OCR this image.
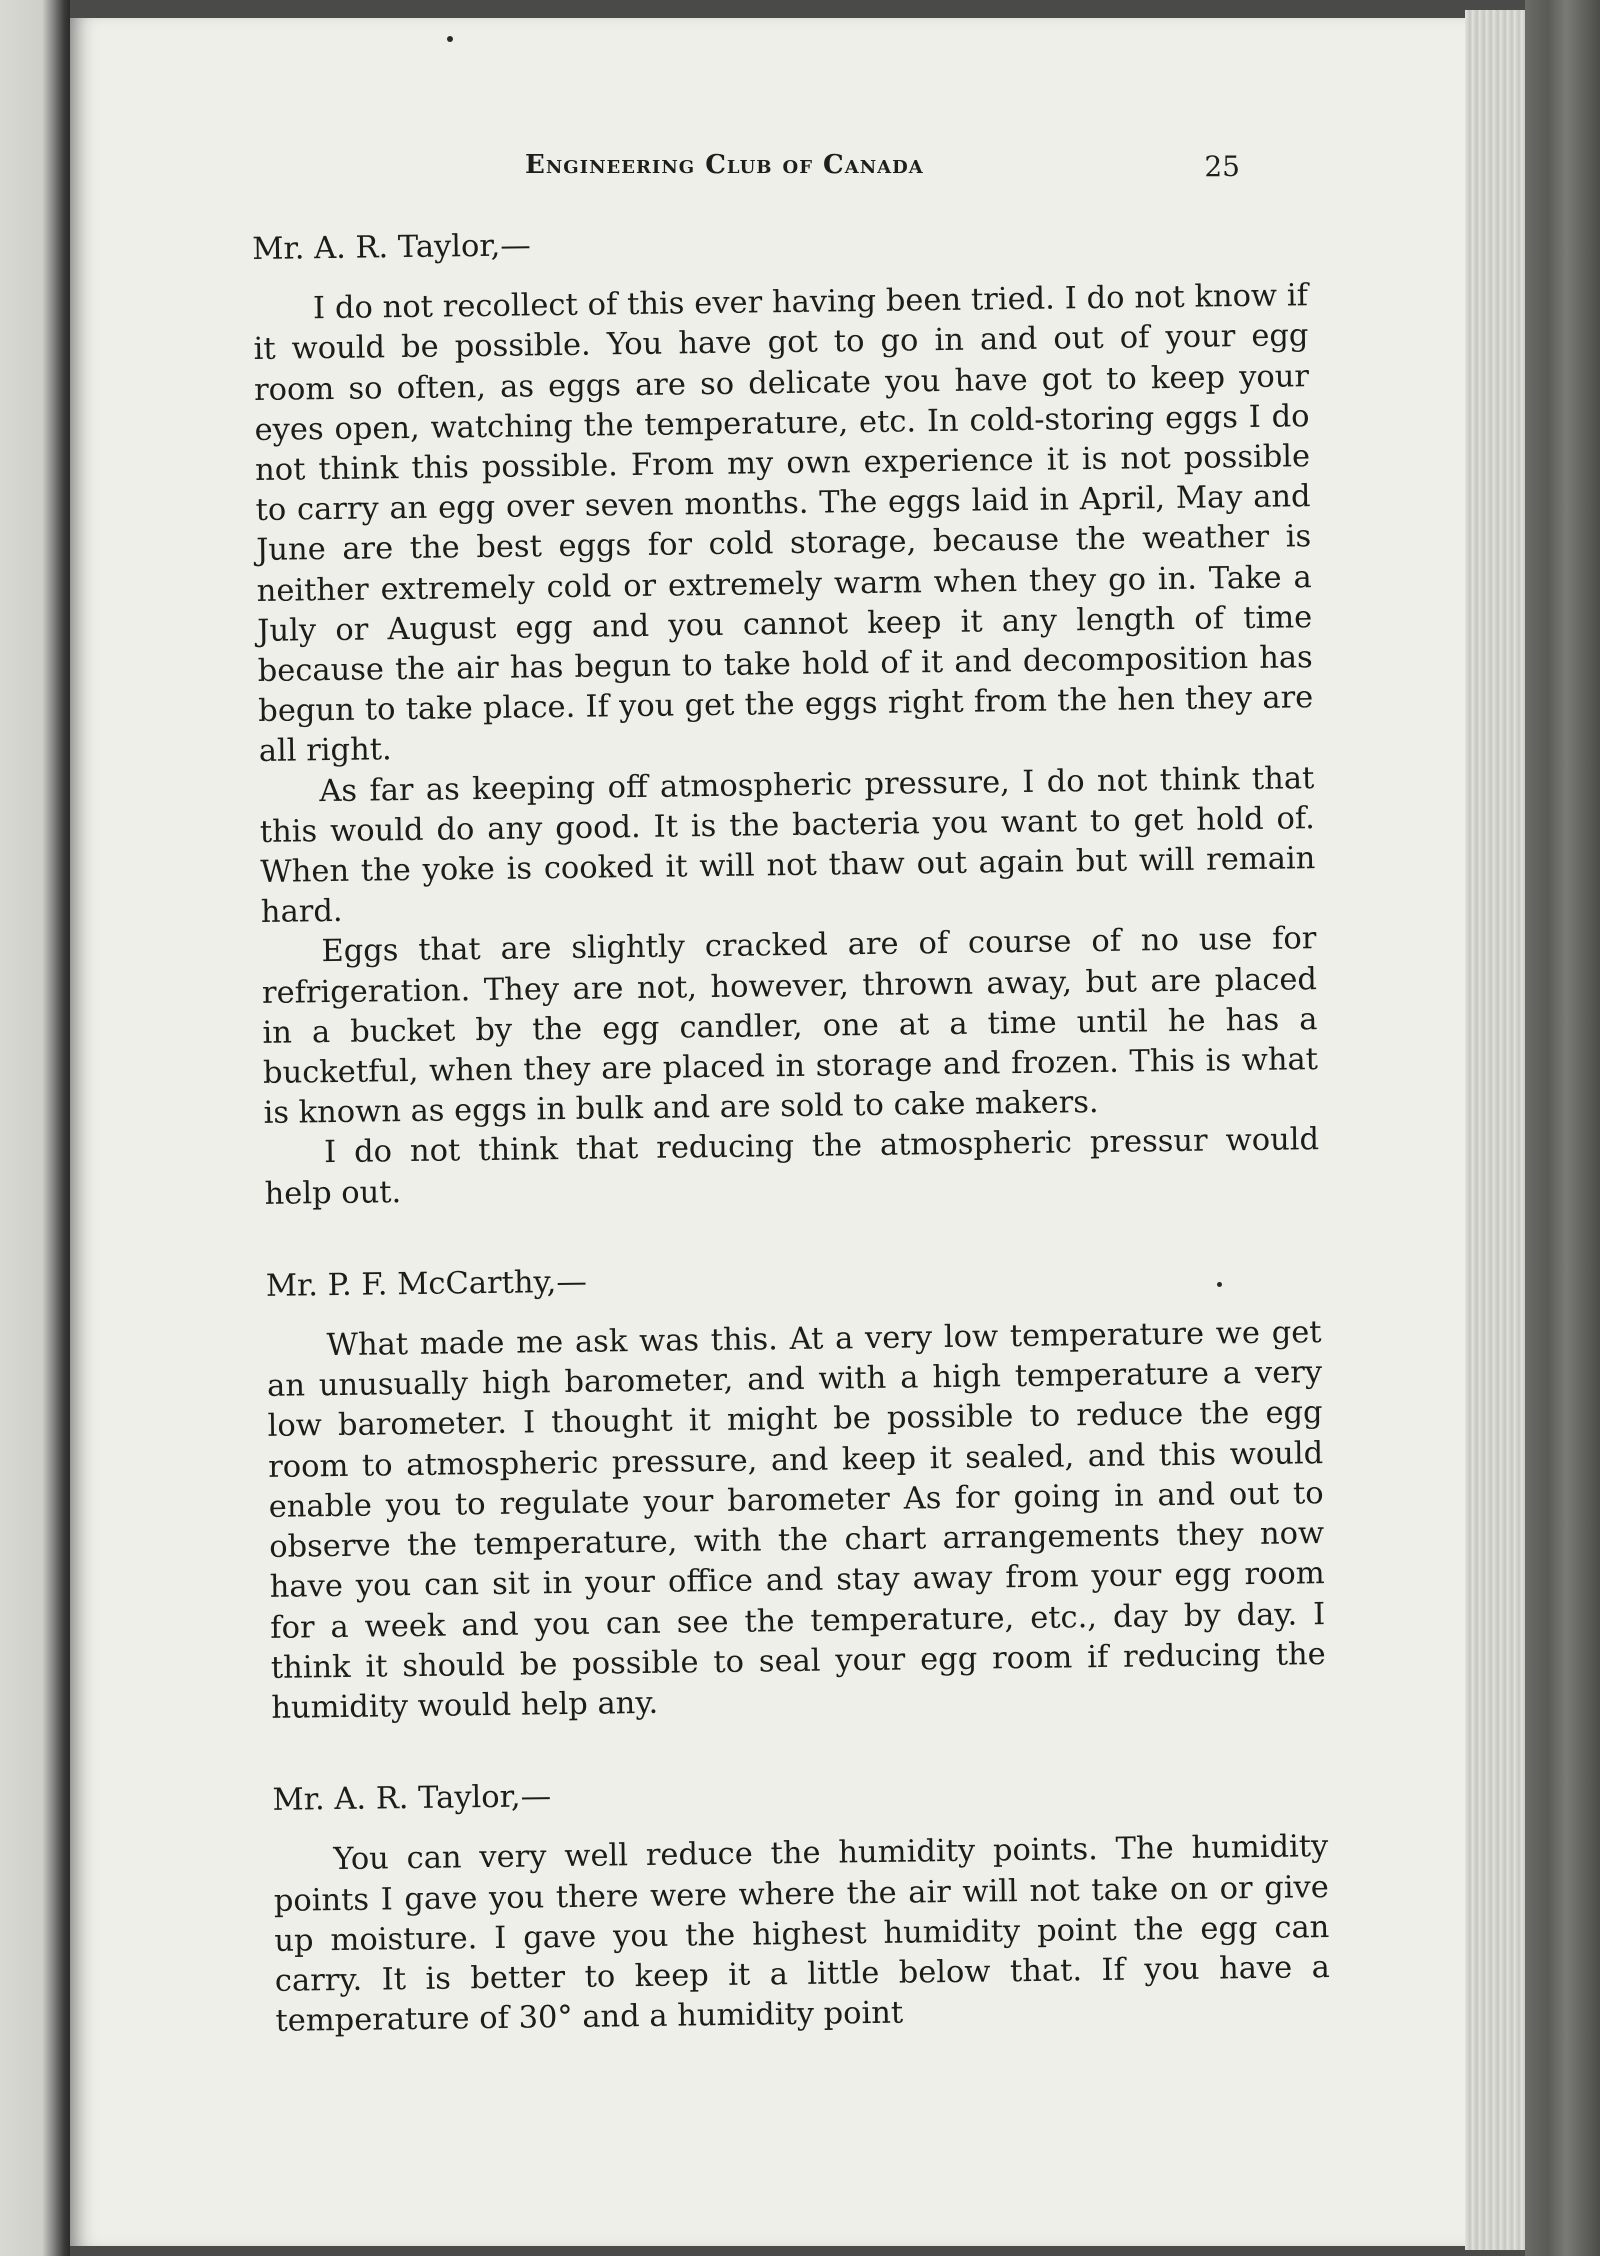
Engineering Club of Canada	25

Mr. A. R. Taylor,—

I do not recollect of this ever having been tried. I do not know if it would be possible. You have got to go in and out of your egg room so often, as eggs are so delicate you have got to keep your eyes open, watching the temperature, etc. In cold-storing eggs I do not think this possible. From my own experience it is not possible to carry an egg over seven months. The eggs laid in April, May and June are the best eggs for cold storage, because the weather is neither extremely cold or extremely warm when they go in. Take a July or August egg and you cannot keep it any length of time because the air has begun to take hold of it and decomposition has begun to take place. If you get the eggs right from the hen they are all right.

As far as keeping off atmospheric pressure, I do not think that this would do any good. It is the bacteria you want to get hold of. When the yoke is cooked it will not thaw out again but will remain hard.

Eggs that are slightly cracked are of course of no use for refrigeration. They are not, however, thrown away, but are placed in a bucket by the egg candler, one at a time until he has a bucketful, when they are placed in storage and frozen. This is what is known as eggs in bulk and are sold to cake makers.

I do not think that reducing the atmospheric pressur would help out.

Mr. P. F. McCarthy,—

What made me ask was this. At a very low temperature we get an unusually high barometer, and with a high temperature a very low barometer. I thought it might be possible to reduce the egg room to atmospheric pressure, and keep it sealed, and this would enable you to regulate your barometer As for going in and out to observe the temperature, with the chart arrangements they now have you can sit in your office and stay away from your egg room for a week and you can see the temperature, etc., day by day. I think it should be possible to seal your egg room if reducing the humidity would help any.

Mr. A. R. Taylor,—

You can very well reduce the humidity points. The humidity points I gave you there were where the air will not take on or give up moisture. I gave you the highest humidity point the egg can carry. It is better to keep it a little below that. If you have a temperature of 30° and a humidity point
